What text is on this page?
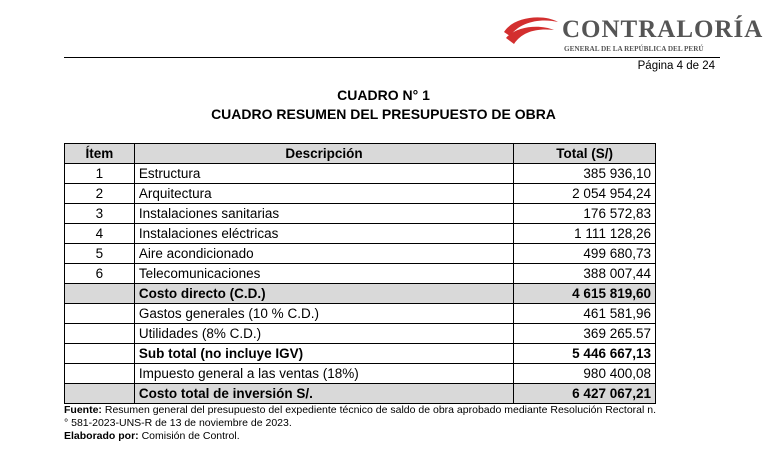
CONTRALORÍA
GENERAL DE LA REPÚBLICA DEL PERÚ
Página 4 de 24
CUADRO N° 1
CUADRO RESUMEN DEL PRESUPUESTO DE OBRA
Ítem	Descripción	Total (S/)
1	Estructura	385 936,10
2	Arquitectura	2 054 954,24
3	Instalaciones sanitarias	176 572,83
4	Instalaciones eléctricas	1 111 128,26
5	Aire acondicionado	499 680,73
6	Telecomunicaciones	388 007,44
	Costo directo (C.D.)	4 615 819,60
	Gastos generales (10 % C.D.)	461 581,96
	Utilidades (8% C.D.)	369 265.57
	Sub total (no incluye IGV)	5 446 667,13
	Impuesto general a las ventas (18%)	980 400,08
	Costo total de inversión S/.	6 427 067,21

Fuente: Resumen general del presupuesto del expediente técnico de saldo de obra aprobado mediante Resolución Rectoral n.° 581-2023-UNS-R de 13 de noviembre de 2023.

Elaborado por: Comisión de Control.
